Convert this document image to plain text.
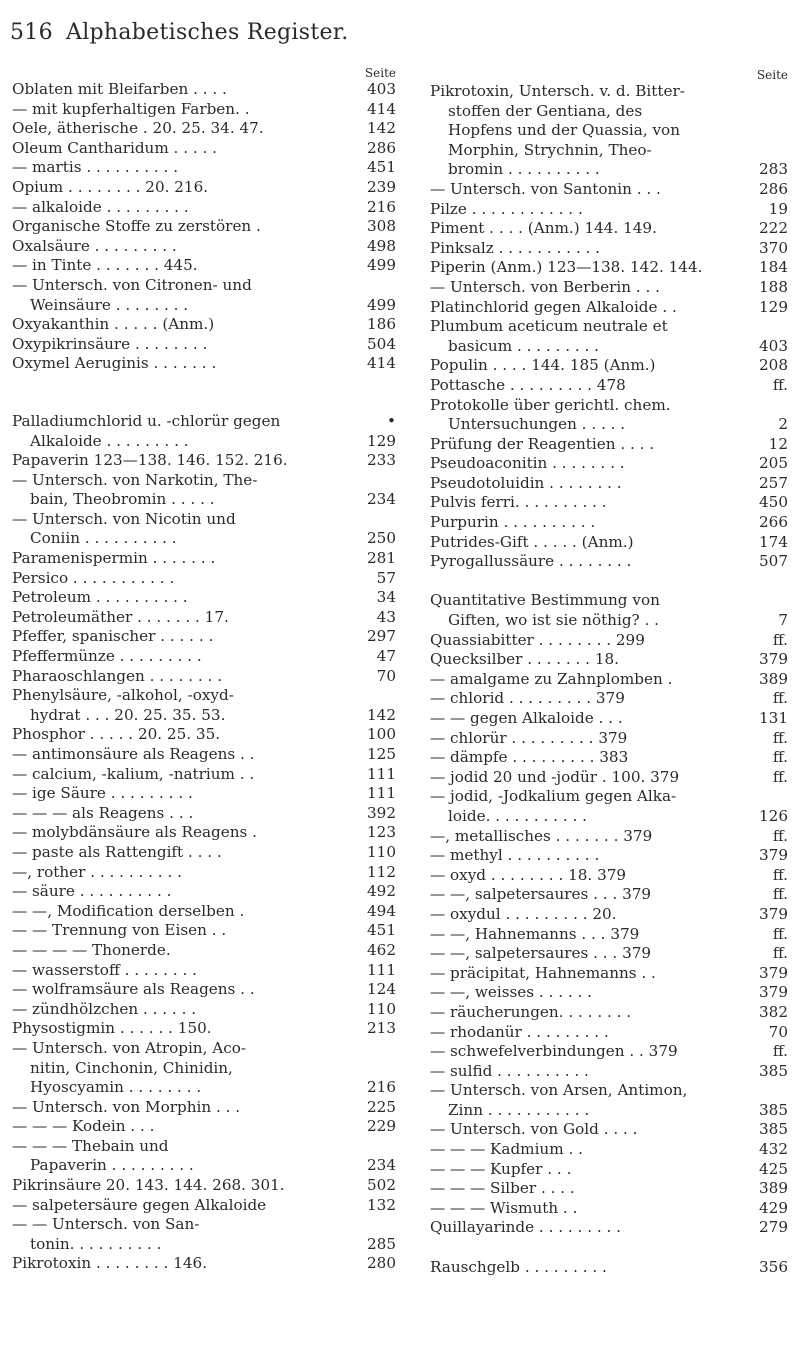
516 Alphabetisches Register.
Seite
Oblaten mit Bleifarben . . . .	403
— mit kupferhaltigen Farben. .	414
Oele, ätherische . 20. 25. 34. 47.	142
Oleum Cantharidum . . . . .	286
— martis . . . . . . . . . .	451
Opium . . . . . . . . 20. 216.	239
— alkaloide . . . . . . . . .	216
Organische Stoffe zu zerstören .	308
Oxalsäure . . . . . . . . .	498
— in Tinte . . . . . . . 445.	499
— Untersch. von Citronen- und
Weinsäure . . . . . . . .	499
Oxyakanthin . . . . . (Anm.)	186
Oxypikrinsäure . . . . . . . .	504
Oxymel Aeruginis . . . . . . .	414
Palladiumchlorid u. -chlorür gegen	•
Alkaloide . . . . . . . . .	129
Papaverin 123—138. 146. 152. 216.	233
— Untersch. von Narkotin, The-
bain, Theobromin . . . . .	234
— Untersch. von Nicotin und
Coniin . . . . . . . . . .	250
Paramenispermin . . . . . . .	281
Persico . . . . . . . . . . .	57
Petroleum . . . . . . . . . .	34
Petroleumäther . . . . . . . 17.	43
Pfeffer, spanischer . . . . . .	297
Pfeffermünze . . . . . . . . .	47
Pharaoschlangen . . . . . . . .	70
Phenylsäure, -alkohol, -oxyd-
hydrat . . . 20. 25. 35. 53.	142
Phosphor . . . . . 20. 25. 35.	100
— antimonsäure als Reagens . .	125
— calcium, -kalium, -natrium . .	111
— ige Säure . . . . . . . . .	111
— — — als Reagens . . .	392
— molybdänsäure als Reagens .	123
— paste als Rattengift . . . .	110
—, rother . . . . . . . . . .	112
— säure . . . . . . . . . .	492
— —, Modification derselben .	494
— — Trennung von Eisen . .	451
— — — — Thonerde.	462
— wasserstoff . . . . . . . .	111
— wolframsäure als Reagens . .	124
— zündhölzchen . . . . . .	110
Physostigmin . . . . . . 150.	213
— Untersch. von Atropin, Aco-
nitin, Cinchonin, Chinidin,
Hyoscyamin . . . . . . . .	216
— Untersch. von Morphin . . .	225
— — — Kodein . . .	229
— — — Thebain und
Papaverin . . . . . . . . .	234
Pikrinsäure 20. 143. 144. 268. 301.	502
— salpetersäure gegen Alkaloide	132
— — Untersch. von San-
tonin. . . . . . . . . .	285
Pikrotoxin . . . . . . . . 146.	280
Seite
Pikrotoxin, Untersch. v. d. Bitter-
stoffen der Gentiana, des
Hopfens und der Quassia, von
Morphin, Strychnin, Theo-
bromin . . . . . . . . . .	283
— Untersch. von Santonin . . .	286
Pilze . . . . . . . . . . . .	19
Piment . . . . (Anm.) 144. 149.	222
Pinksalz . . . . . . . . . . .	370
Piperin (Anm.) 123—138. 142. 144.	184
— Untersch. von Berberin . . .	188
Platinchlorid gegen Alkaloide . .	129
Plumbum aceticum neutrale et
basicum . . . . . . . . .	403
Populin . . . . 144. 185 (Anm.)	208
Pottasche . . . . . . . . . 478	ff.
Protokolle über gerichtl. chem.
Untersuchungen . . . . .	2
Prüfung der Reagentien . . . .	12
Pseudoaconitin . . . . . . . .	205
Pseudotoluidin . . . . . . . .	257
Pulvis ferri. . . . . . . . . .	450
Purpurin . . . . . . . . . .	266
Putrides-Gift . . . . . (Anm.)	174
Pyrogallussäure . . . . . . . .	507
Quantitative Bestimmung von
Giften, wo ist sie nöthig? . .	7
Quassiabitter . . . . . . . . 299	ff.
Quecksilber . . . . . . . 18.	379
— amalgame zu Zahnplomben .	389
— chlorid . . . . . . . . . 379	ff.
— — gegen Alkaloide . . .	131
— chlorür . . . . . . . . . 379	ff.
— dämpfe . . . . . . . . . 383	ff.
— jodid 20 und -jodür . 100. 379	ff.
— jodid, -Jodkalium gegen Alka-
loide. . . . . . . . . . .	126
—, metallisches . . . . . . . 379	ff.
— methyl . . . . . . . . . .	379
— oxyd . . . . . . . . 18. 379	ff.
— —, salpetersaures . . . 379	ff.
— oxydul . . . . . . . . . 20.	379
— —, Hahnemanns . . . 379	ff.
— —, salpetersaures . . . 379	ff.
— präcipitat, Hahnemanns . .	379
— —, weisses . . . . . .	379
— räucherungen. . . . . . . .	382
— rhodanür . . . . . . . . .	70
— schwefelverbindungen . . 379	ff.
— sulfid . . . . . . . . . .	385
— Untersch. von Arsen, Antimon,
Zinn . . . . . . . . . . .	385
— Untersch. von Gold . . . .	385
— — — Kadmium . .	432
— — — Kupfer . . .	425
— — — Silber . . . .	389
— — — Wismuth . .	429
Quillayarinde . . . . . . . . .	279
Rauschgelb . . . . . . . . .	356
